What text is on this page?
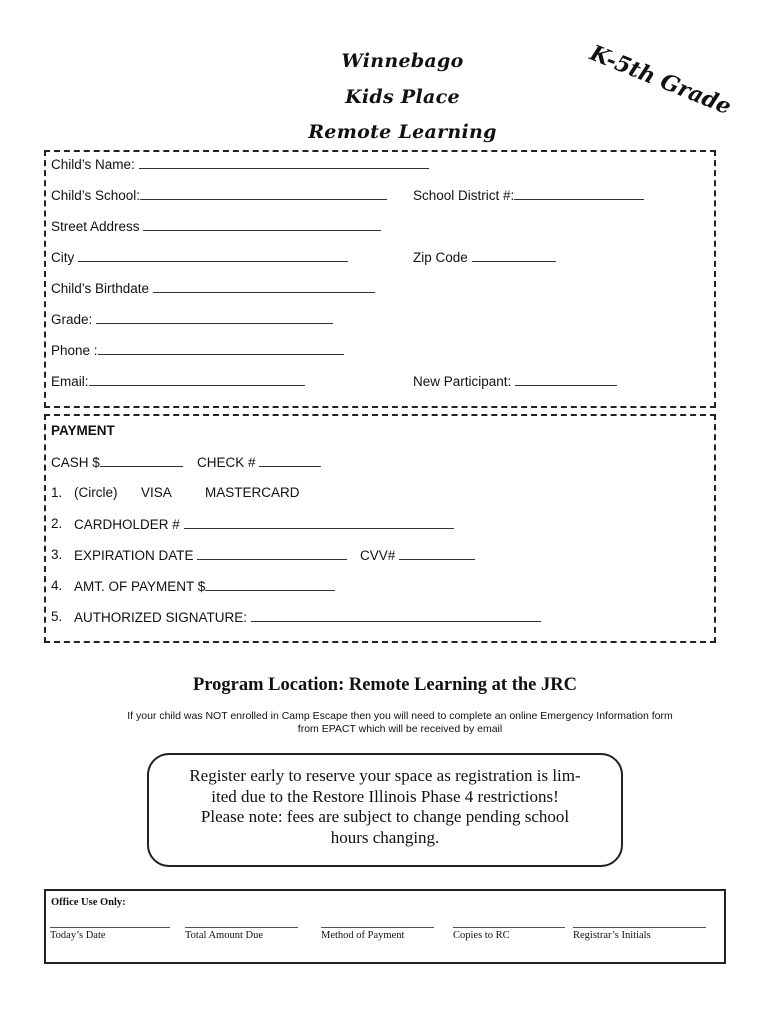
Winnebago
Kids Place
Remote Learning
K-5th Grade
Child’s Name:
Child’s School:	School District #:
Street Address
City	Zip Code
Child’s Birthdate
Grade:
Phone :
Email:	New Participant:
PAYMENT
CASH $	CHECK #
1. (Circle) VISA MASTERCARD
2. CARDHOLDER #
3. EXPIRATION DATE	CVV#
4. AMT. OF PAYMENT $
5. AUTHORIZED SIGNATURE:
Program Location: Remote Learning at the JRC
If your child was NOT enrolled in Camp Escape then you will need to complete an online Emergency Information form
from EPACT which will be received by email
Register early to reserve your space as registration is lim-
ited due to the Restore Illinois Phase 4 restrictions!
Please note: fees are subject to change pending school
hours changing.
Office Use Only:
Today’s Date	Total Amount Due	Method of Payment	Copies to RC	Registrar’s Initials
